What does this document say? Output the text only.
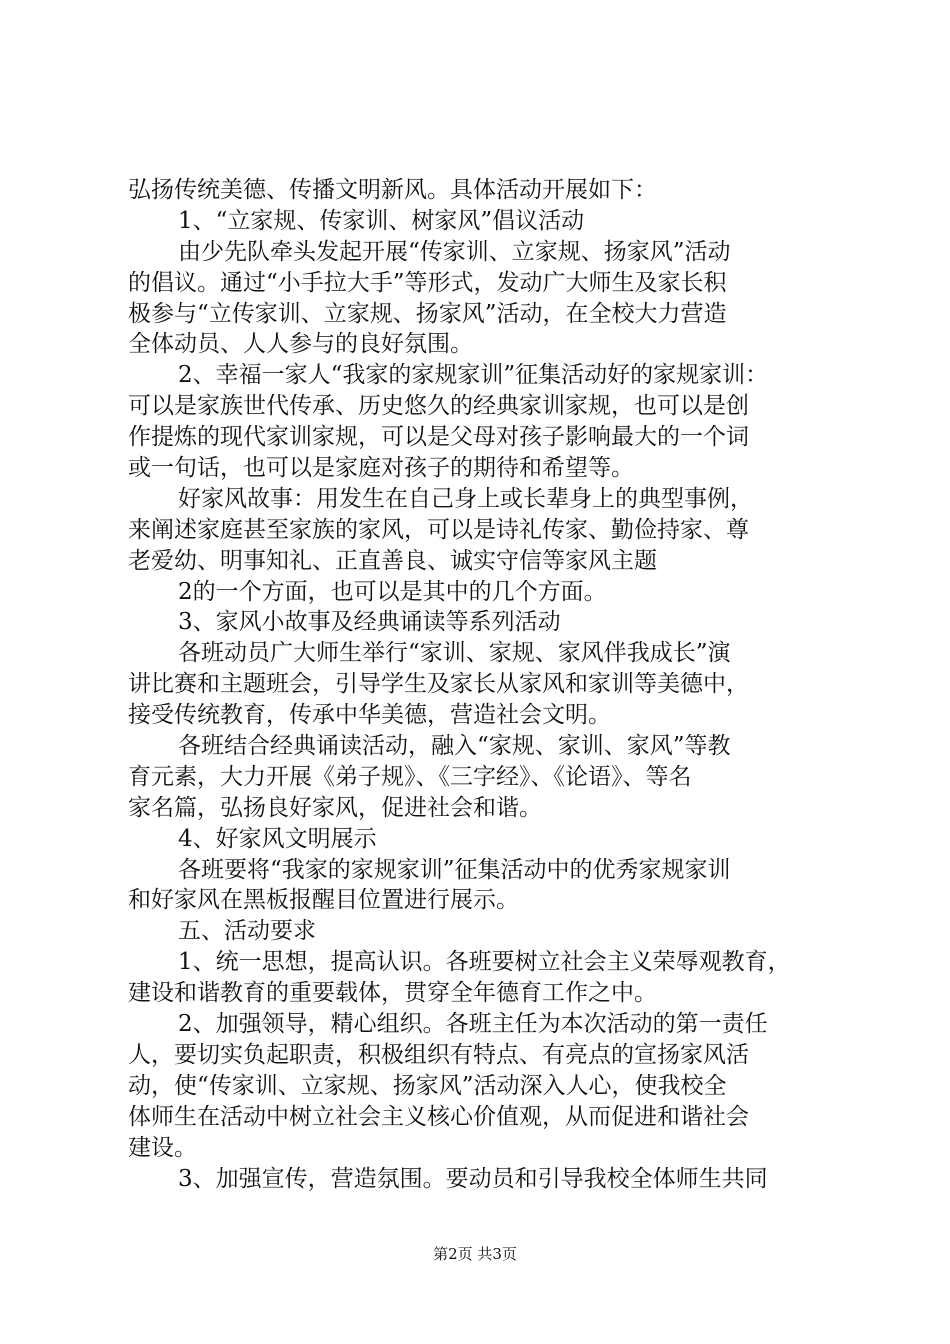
弘扬传统美德、传播文明新风。具体活动开展如下：
1、“立家规、传家训、树家风”倡议活动
由少先队牵头发起开展“传家训、立家规、扬家风”活动
的倡议。通过“小手拉大手”等形式，发动广大师生及家长积
极参与“立传家训、立家规、扬家风”活动，在全校大力营造
全体动员、人人参与的良好氛围。
2、幸福一家人“我家的家规家训”征集活动好的家规家训：
可以是家族世代传承、历史悠久的经典家训家规，也可以是创
作提炼的现代家训家规，可以是父母对孩子影响最大的一个词
或一句话，也可以是家庭对孩子的期待和希望等。
好家风故事：用发生在自己身上或长辈身上的典型事例，
来阐述家庭甚至家族的家风，可以是诗礼传家、勤俭持家、尊
老爱幼、明事知礼、正直善良、诚实守信等家风主题
2的一个方面，也可以是其中的几个方面。
3、家风小故事及经典诵读等系列活动
各班动员广大师生举行“家训、家规、家风伴我成长”演
讲比赛和主题班会，引导学生及家长从家风和家训等美德中，
接受传统教育，传承中华美德，营造社会文明。
各班结合经典诵读活动，融入“家规、家训、家风”等教
育元素，大力开展《弟子规》、《三字经》、《论语》、等名
家名篇，弘扬良好家风，促进社会和谐。
4、好家风文明展示
各班要将“我家的家规家训”征集活动中的优秀家规家训
和好家风在黑板报醒目位置进行展示。
五、活动要求
1、统一思想，提高认识。各班要树立社会主义荣辱观教育，
建设和谐教育的重要载体，贯穿全年德育工作之中。
2、加强领导，精心组织。各班主任为本次活动的第一责任
人，要切实负起职责，积极组织有特点、有亮点的宣扬家风活
动，使“传家训、立家规、扬家风”活动深入人心，使我校全
体师生在活动中树立社会主义核心价值观，从而促进和谐社会
建设。
3、加强宣传，营造氛围。要动员和引导我校全体师生共同
第2页 共3页
